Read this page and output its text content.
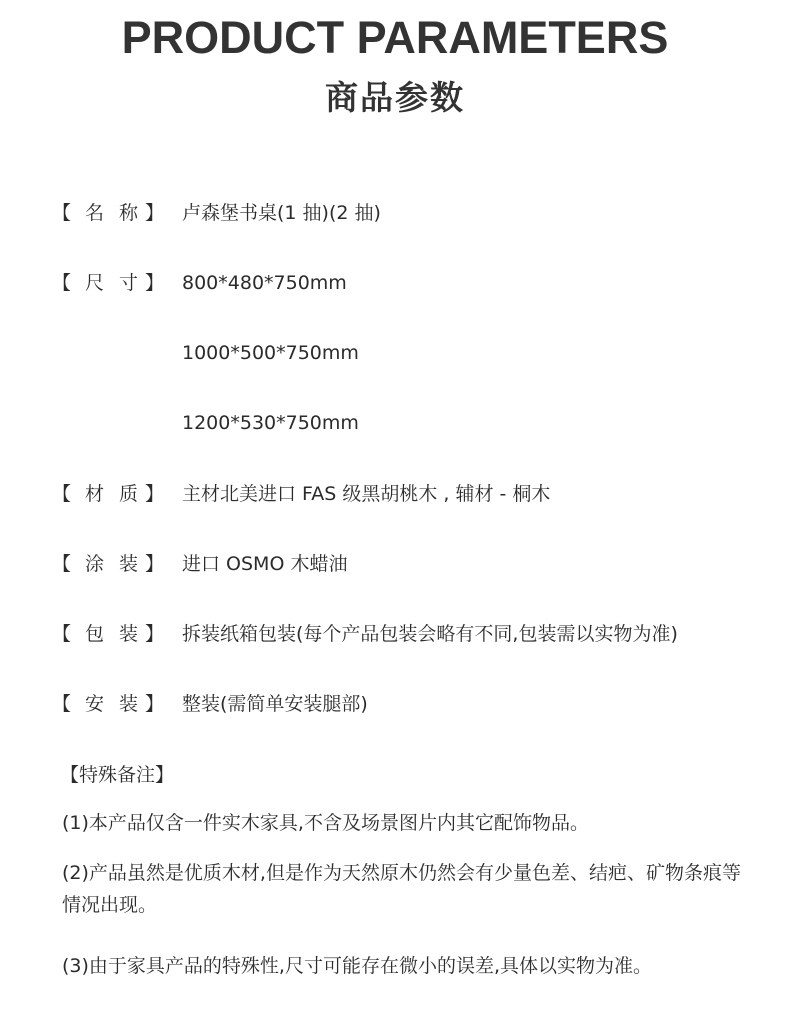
PRODUCT PARAMETERS
商品参数
【 名 称 】 卢森堡书桌(1 抽)(2 抽)
【 尺 寸 】 800*480*750mm
1000*500*750mm
1200*530*750mm
【 材 质 】 主材北美进口 FAS 级黑胡桃木 , 辅材 - 桐木
【 涂 装 】 进口 OSMO 木蜡油
【 包 装 】 拆装纸箱包装(每个产品包装会略有不同,包装需以实物为准)
【 安 装 】 整装(需简单安装腿部)
【特殊备注】
(1)本产品仅含一件实木家具,不含及场景图片内其它配饰物品。
(2)产品虽然是优质木材,但是作为天然原木仍然会有少量色差、结疤、矿物条痕等情况出现。
(3)由于家具产品的特殊性,尺寸可能存在微小的误差,具体以实物为准。
